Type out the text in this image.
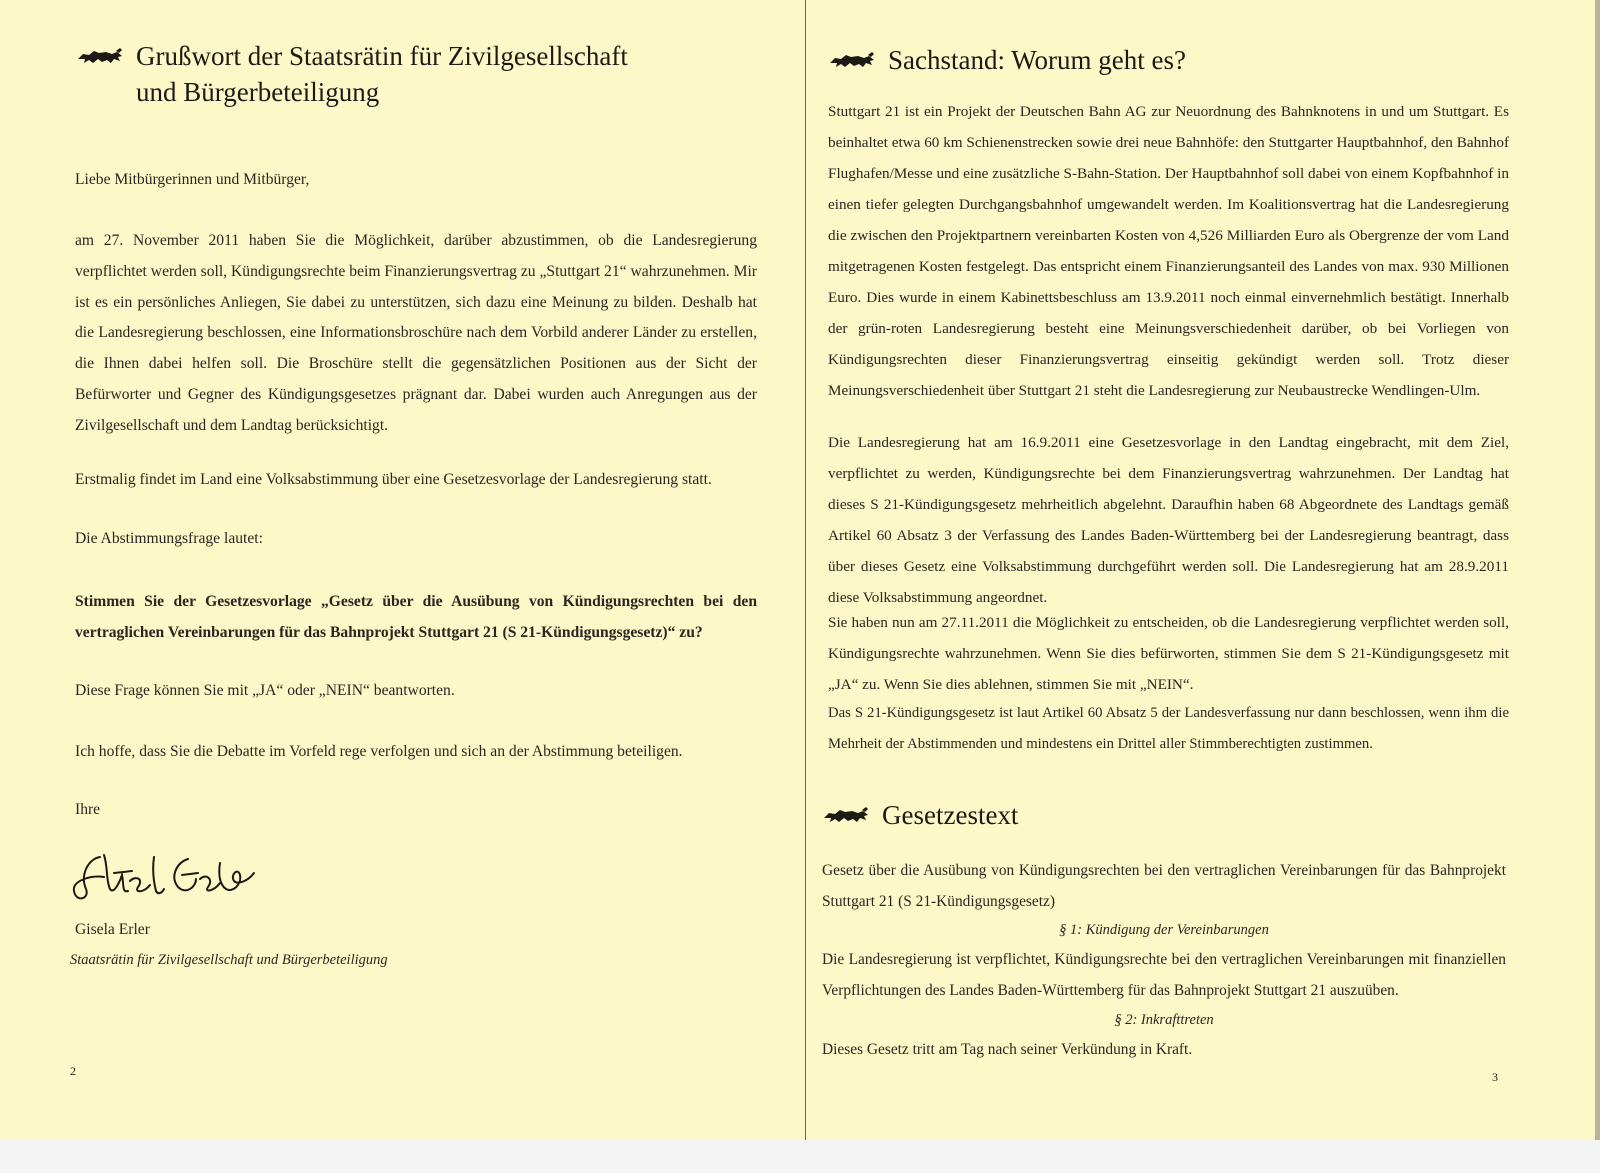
Grußwort der Staatsrätin für Zivilgesellschaft
und Bürgerbeteiligung
Liebe Mitbürgerinnen und Mitbürger,
am 27. November 2011 haben Sie die Möglichkeit, darüber abzustimmen, ob die Landesregierung verpflichtet werden soll, Kündigungsrechte beim Finanzierungsvertrag zu „Stuttgart 21“ wahrzunehmen. Mir ist es ein persönliches Anliegen, Sie dabei zu unterstützen, sich dazu eine Meinung zu bilden. Deshalb hat die Landesregierung beschlossen, eine Informationsbroschüre nach dem Vorbild anderer Länder zu erstellen, die Ihnen dabei helfen soll. Die Broschüre stellt die gegensätzlichen Positionen aus der Sicht der Befürworter und Gegner des Kündigungsgesetzes prägnant dar. Dabei wurden auch Anregungen aus der Zivilgesellschaft und dem Landtag berücksichtigt.
Erstmalig findet im Land eine Volksabstimmung über eine Gesetzesvorlage der Landesregierung statt.
Die Abstimmungsfrage lautet:
Stimmen Sie der Gesetzesvorlage „Gesetz über die Ausübung von Kündigungsrechten bei den vertraglichen Vereinbarungen für das Bahnprojekt Stuttgart 21 (S 21-Kündigungsgesetz)“ zu?
Diese Frage können Sie mit „JA“ oder „NEIN“ beantworten.
Ich hoffe, dass Sie die Debatte im Vorfeld rege verfolgen und sich an der Abstimmung beteiligen.
Ihre
Gisela Erler
Staatsrätin für Zivilgesellschaft und Bürgerbeteiligung
2
Sachstand: Worum geht es?
Stuttgart 21 ist ein Projekt der Deutschen Bahn AG zur Neuordnung des Bahnknotens in und um Stuttgart. Es beinhaltet etwa 60 km Schienenstrecken sowie drei neue Bahnhöfe: den Stuttgarter Hauptbahnhof, den Bahnhof Flughafen/Messe und eine zusätzliche S-Bahn-Station. Der Hauptbahnhof soll dabei von einem Kopfbahnhof in einen tiefer gelegten Durchgangsbahnhof umgewandelt werden. Im Koalitionsvertrag hat die Landesregierung die zwischen den Projektpartnern vereinbarten Kosten von 4,526 Milliarden Euro als Obergrenze der vom Land mitgetragenen Kosten festgelegt. Das entspricht einem Finanzierungsanteil des Landes von max. 930 Millionen Euro. Dies wurde in einem Kabinettsbeschluss am 13.9.2011 noch einmal einvernehmlich bestätigt. Innerhalb der grün-roten Landesregierung besteht eine Meinungsverschiedenheit darüber, ob bei Vorliegen von Kündigungsrechten dieser Finanzierungsvertrag einseitig gekündigt werden soll. Trotz dieser Meinungsverschiedenheit über Stuttgart 21 steht die Landesregierung zur Neubaustrecke Wendlingen-Ulm.
Die Landesregierung hat am 16.9.2011 eine Gesetzesvorlage in den Landtag eingebracht, mit dem Ziel, verpflichtet zu werden, Kündigungsrechte bei dem Finanzierungsvertrag wahrzunehmen. Der Landtag hat dieses S 21-Kündigungsgesetz mehrheitlich abgelehnt. Daraufhin haben 68 Abgeordnete des Landtags gemäß Artikel 60 Absatz 3 der Verfassung des Landes Baden-Württemberg bei der Landesregierung beantragt, dass über dieses Gesetz eine Volksabstimmung durchgeführt werden soll. Die Landesregierung hat am 28.9.2011 diese Volksabstimmung angeordnet.
Sie haben nun am 27.11.2011 die Möglichkeit zu entscheiden, ob die Landesregierung verpflichtet werden soll, Kündigungsrechte wahrzunehmen. Wenn Sie dies befürworten, stimmen Sie dem S 21-Kündigungsgesetz mit „JA“ zu. Wenn Sie dies ablehnen, stimmen Sie mit „NEIN“.
Das S 21-Kündigungsgesetz ist laut Artikel 60 Absatz 5 der Landesverfassung nur dann beschlossen, wenn ihm die Mehrheit der Abstimmenden und mindestens ein Drittel aller Stimmberechtigten zustimmen.
Gesetzestext
Gesetz über die Ausübung von Kündigungsrechten bei den vertraglichen Vereinbarungen für das Bahnprojekt Stuttgart 21 (S 21-Kündigungsgesetz)
§ 1: Kündigung der Vereinbarungen
Die Landesregierung ist verpflichtet, Kündigungsrechte bei den vertraglichen Vereinbarungen mit finanziellen Verpflichtungen des Landes Baden-Württemberg für das Bahnprojekt Stuttgart 21 auszuüben.
§ 2: Inkrafttreten
Dieses Gesetz tritt am Tag nach seiner Verkündung in Kraft.
3
